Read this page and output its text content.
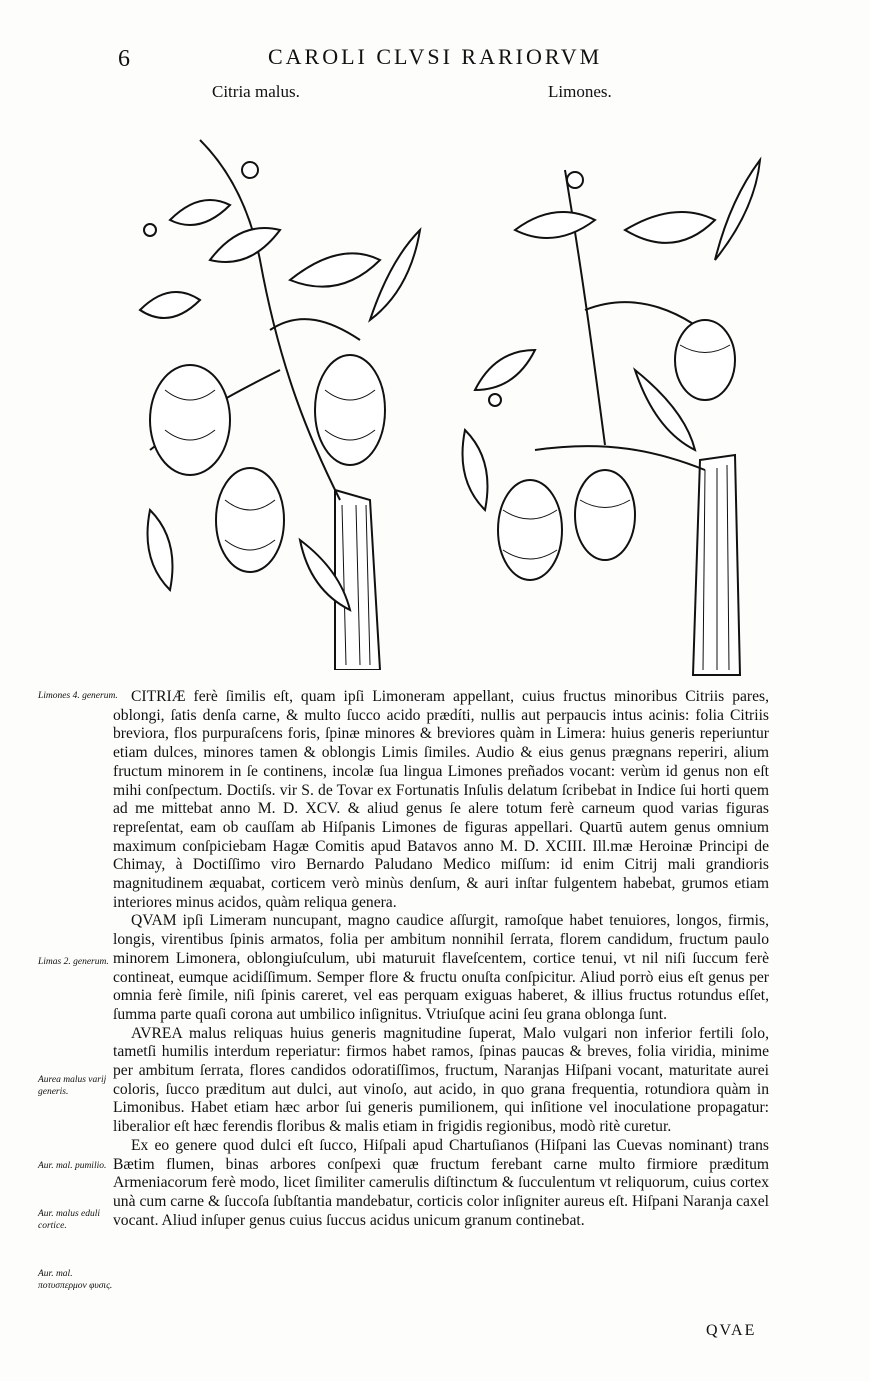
6	CAROLI CLVSI RARIORVM
Citria malus.	Limones.
Limones 4. generum.
Limas 2. generum.
Aurea malus varij generis.
Aur. mal. pumilio.
Aur. malus eduli cortice.
Aur. mal. ποτυσπερμον φυσις.

CITRIÆ ferè ſimilis eſt, quam ipſi Limoneram appellant, cuius fructus minoribus Citriis pares, oblongi, ſatis denſa carne, & multo ſucco acido prædíti, nullis aut perpaucis intus acinis: folia Citriis breviora, flos purpuraſcens foris, ſpinæ minores & breviores quàm in Limera: huius generis reperiuntur etiam dulces, minores tamen & oblongis Limis ſimiles. Audio & eius genus prægnans reperiri, alium fructum minorem in ſe continens, incolæ ſua lingua Limones preñados vocant: verùm id genus non eſt mihi conſpectum. Doctiſs. vir S. de Tovar ex Fortunatis Inſulis delatum ſcribebat in Indice ſui horti quem ad me mittebat anno M. D. XCV. & aliud genus ſe alere totum ferè carneum quod varias figuras repreſentat, eam ob cauſſam ab Hiſpanis Limones de figuras appellari. Quartū autem genus omnium maximum conſpiciebam Hagæ Comitis apud Batavos anno M. D. XCIII. Ill.mæ Heroinæ Principi de Chimay, à Doctiſſimo viro Bernardo Paludano Medico miſſum: id enim Citrij mali grandioris magnitudinem æquabat, corticem verò minùs denſum, & auri inſtar fulgentem habebat, grumos etiam interiores minus acidos, quàm reliqua genera.

QVAM ipſi Limeram nuncupant, magno caudice aſſurgit, ramoſque habet tenuiores, longos, firmis, longis, virentibus ſpinis armatos, folia per ambitum nonnihil ſerrata, florem candidum, fructum paulo minorem Limonera, oblongiuſculum, ubi maturuit flaveſcentem, cortice tenui, vt nil niſi ſuccum ferè contineat, eumque acidiſſimum. Semper flore & fructu onuſta conſpicitur. Aliud porrò eius eſt genus per omnia ferè ſimile, niſi ſpinis careret, vel eas perquam exiguas haberet, & illius fructus rotundus eſſet, ſumma parte quaſi corona aut umbilico inſignitus. Vtriuſque acini ſeu grana oblonga ſunt.

AVREA malus reliquas huius generis magnitudine ſuperat, Malo vulgari non inferior fertili ſolo, tametſi humilis interdum reperiatur: firmos habet ramos, ſpinas paucas & breves, folia viridia, minime per ambitum ſerrata, flores candidos odoratiſſimos, fructum, Naranjas Hiſpani vocant, maturitate aurei coloris, ſucco præditum aut dulci, aut vinoſo, aut acido, in quo grana frequentia, rotundiora quàm in Limonibus. Habet etiam hæc arbor ſui generis pumilionem, qui inſitione vel inoculatione propagatur: liberalior eſt hæc ferendis floribus & malis etiam in frigidis regionibus, modò ritè curetur.

Ex eo genere quod dulci eſt ſucco, Hiſpali apud Chartuſianos (Hiſpani las Cuevas nominant) trans Bætim flumen, binas arbores conſpexi quæ fructum ferebant carne multo firmiore præditum Armeniacorum ferè modo, licet ſimiliter camerulis diſtinctum & ſucculentum vt reliquorum, cuius cortex unà cum carne & ſuccoſa ſubſtantia mandebatur, corticis color inſigniter aureus eſt. Hiſpani Naranja caxel vocant. Aliud inſuper genus cuius ſuccus acidus unicum granum continebat.

QVAE
